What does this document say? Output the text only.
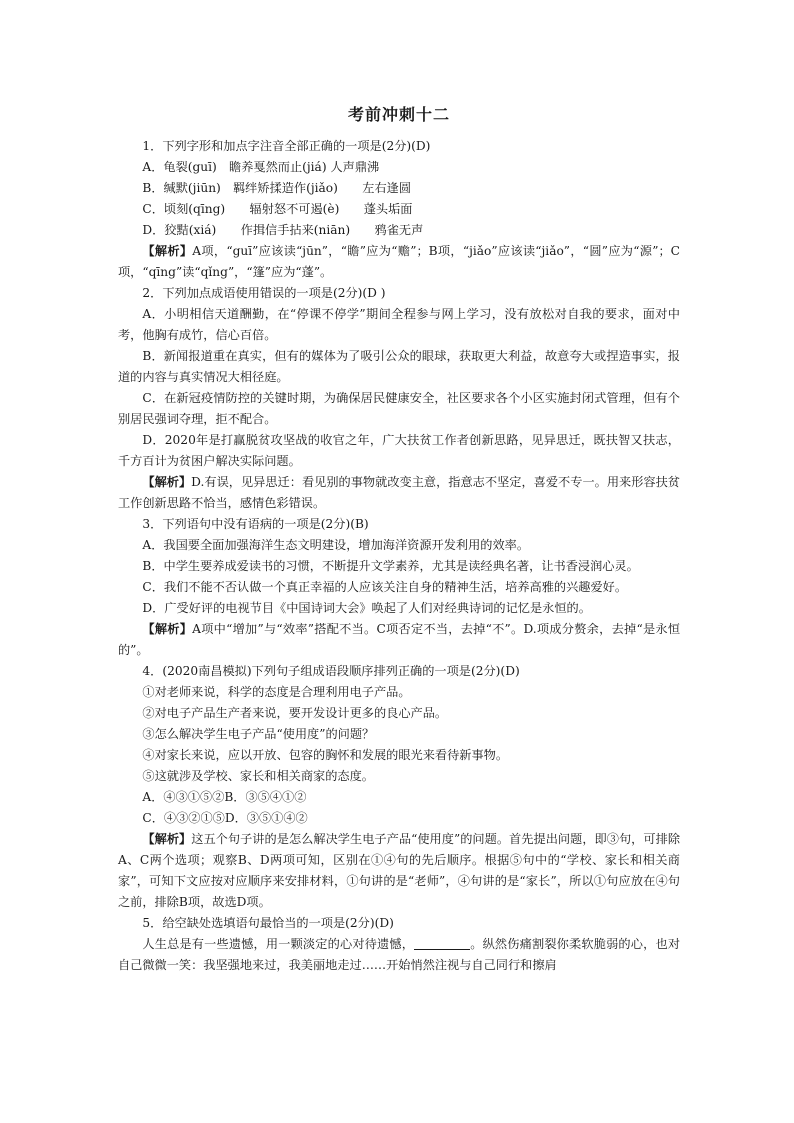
考前冲刺十二
1．下列字形和加点字注音全部正确的一项是(2分)(D)
A．龟裂(guī)　瞻养戛然而止(jiá) 人声鼎沸
B．缄默(jiūn)　羁绊矫揉造作(jiǎo)　　左右逢圆
C．顷刻(qīng)　　辐射怒不可遏(è)　　蓬头垢面
D．狡黠(xiá)　　作揖信手拈来(niān)　　鸦雀无声
【解析】A项，“guī”应该读“jūn”，“瞻”应为“赡”；B项，“jiǎo”应该读“jiǎo”，“圆”应为“源”；C项，“qīng”读“qǐng”，“篷”应为“蓬”。
2．下列加点成语使用错误的一项是(2分)(D )
A．小明相信天道酬勤，在“停课不停学”期间全程参与网上学习，没有放松对自我的要求，面对中考，他胸有成竹，信心百倍。
B．新闻报道重在真实，但有的媒体为了吸引公众的眼球，获取更大利益，故意夸大或捏造事实，报道的内容与真实情况大相径庭。
C．在新冠疫情防控的关键时期，为确保居民健康安全，社区要求各个小区实施封闭式管理，但有个别居民强词夺理，拒不配合。
D．2020年是打赢脱贫攻坚战的收官之年，广大扶贫工作者创新思路，见异思迁，既扶智又扶志，千方百计为贫困户解决实际问题。
【解析】D.有误，见异思迁：看见别的事物就改变主意，指意志不坚定，喜爱不专一。用来形容扶贫工作创新思路不恰当，感情色彩错误。
3．下列语句中没有语病的一项是(2分)(B)
A．我国要全面加强海洋生态文明建设，增加海洋资源开发利用的效率。
B．中学生要养成爱读书的习惯，不断提升文学素养，尤其是读经典名著，让书香浸润心灵。
C．我们不能不否认做一个真正幸福的人应该关注自身的精神生活，培养高雅的兴趣爱好。
D．广受好评的电视节目《中国诗词大会》唤起了人们对经典诗词的记忆是永恒的。
【解析】A项中“增加”与“效率”搭配不当。C项否定不当，去掉“不”。D.项成分赘余，去掉“是永恒的”。
4．(2020南昌模拟)下列句子组成语段顺序排列正确的一项是(2分)(D)
①对老师来说，科学的态度是合理利用电子产品。
②对电子产品生产者来说，要开发设计更多的良心产品。
③怎么解决学生电子产品“使用度”的问题？
④对家长来说，应以开放、包容的胸怀和发展的眼光来看待新事物。
⑤这就涉及学校、家长和相关商家的态度。
A．④③①⑤②B．③⑤④①②
C．④③②①⑤D．③⑤①④②
【解析】这五个句子讲的是怎么解决学生电子产品“使用度”的问题。首先提出问题，即③句，可排除A、C两个选项；观察B、D两项可知，区别在①④句的先后顺序。根据⑤句中的“学校、家长和相关商家”，可知下文应按对应顺序来安排材料，①句讲的是“老师”，④句讲的是“家长”，所以①句应放在④句之前，排除B项，故选D项。
5．给空缺处选填语句最恰当的一项是(2分)(D)
人生总是有一些遗憾，用一颗淡定的心对待遗憾，	。纵然伤痛割裂你柔软脆弱的心，也对自己微微一笑：我坚强地来过，我美丽地走过……开始悄然注视与自己同行和擦肩
